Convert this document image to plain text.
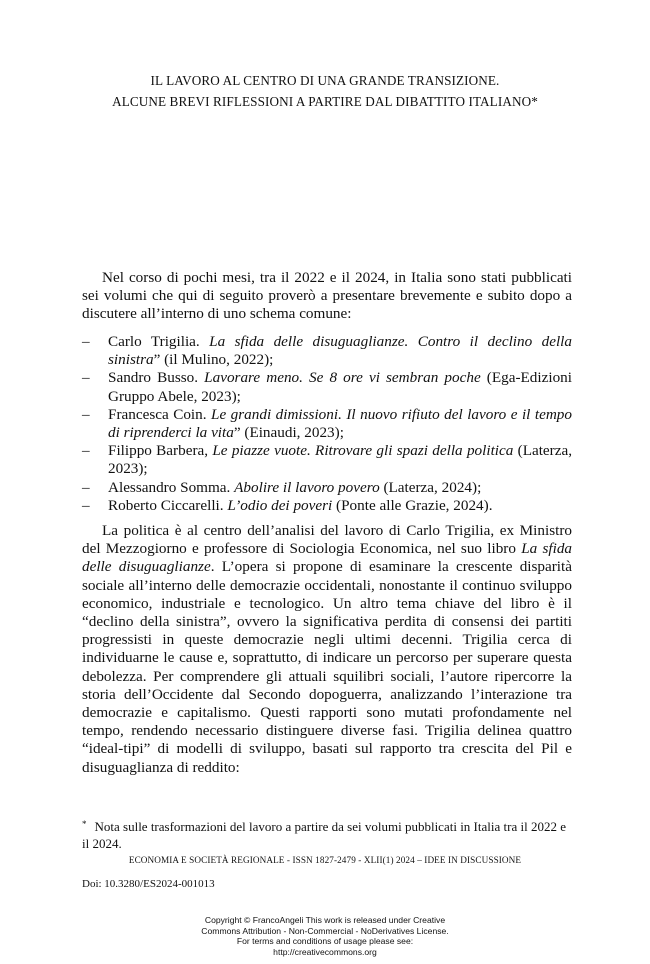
IL LAVORO AL CENTRO DI UNA GRANDE TRANSIZIONE.
ALCUNE BREVI RIFLESSIONI A PARTIRE DAL DIBATTITO ITALIANO*

Nel corso di pochi mesi, tra il 2022 e il 2024, in Italia sono stati pubblicati sei volumi che qui di seguito proverò a presentare brevemente e subito dopo a discutere all’interno di uno schema comune:

– Carlo Trigilia. La sfida delle disuguaglianze. Contro il declino della sinistra” (il Mulino, 2022);
– Sandro Busso. Lavorare meno. Se 8 ore vi sembran poche (Ega-Edizioni Gruppo Abele, 2023);
– Francesca Coin. Le grandi dimissioni. Il nuovo rifiuto del lavoro e il tempo di riprenderci la vita” (Einaudi, 2023);
– Filippo Barbera, Le piazze vuote. Ritrovare gli spazi della politica (Laterza, 2023);
– Alessandro Somma. Abolire il lavoro povero (Laterza, 2024);
– Roberto Ciccarelli. L’odio dei poveri (Ponte alle Grazie, 2024).

La politica è al centro dell’analisi del lavoro di Carlo Trigilia, ex Ministro del Mezzogiorno e professore di Sociologia Economica, nel suo libro La sfida delle disuguaglianze. L’opera si propone di esaminare la crescente disparità sociale all’interno delle democrazie occidentali, nonostante il continuo sviluppo economico, industriale e tecnologico. Un altro tema chiave del libro è il “declino della sinistra”, ovvero la significativa perdita di consensi dei partiti progressisti in queste democrazie negli ultimi decenni. Trigilia cerca di individuarne le cause e, soprattutto, di indicare un percorso per superare questa debolezza. Per comprendere gli attuali squilibri sociali, l’autore ripercorre la storia dell’Occidente dal Secondo dopoguerra, analizzando l’interazione tra democrazie e capitalismo. Questi rapporti sono mutati profondamente nel tempo, rendendo necessario distinguere diverse fasi. Trigilia delinea quattro “ideal-tipi” di modelli di sviluppo, basati sul rapporto tra crescita del Pil e disuguaglianza di reddito:

* Nota sulle trasformazioni del lavoro a partire da sei volumi pubblicati in Italia tra il 2022 e il 2024.
ECONOMIA E SOCIETÀ REGIONALE - ISSN 1827-2479 - XLII(1) 2024 – IDEE IN DISCUSSIONE
Doi: 10.3280/ES2024-001013
Copyright © FrancoAngeli This work is released under Creative
Commons Attribution - Non-Commercial - NoDerivatives License.
For terms and conditions of usage please see:
http://creativecommons.org
